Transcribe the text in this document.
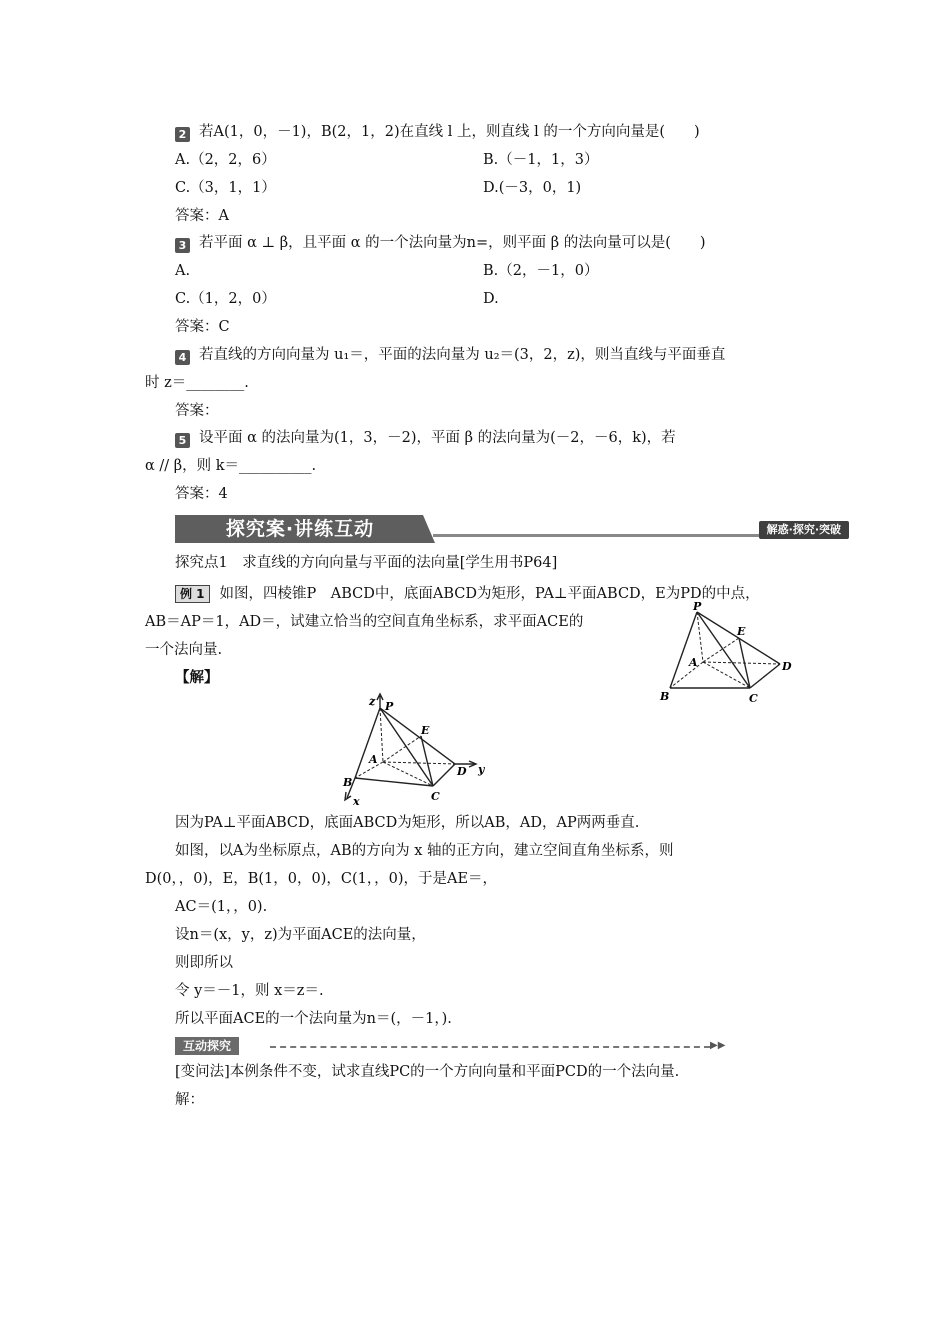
2 若A(1，0，－1)，B(2，1，2)在直线 l 上，则直线 l 的一个方向向量是(　　)
A.（2，2，6）	B.（－1，1，3）
C.（3，1，1）	D.(－3，0，1)
答案：A
3 若平面 α ⊥ β，且平面 α 的一个法向量为n=，则平面 β 的法向量可以是(　　)
A.	B.（2，－1，0）
C.（1，2，0）	D.
答案：C
4 若直线的方向向量为 u₁＝，平面的法向量为 u₂＝(3，2，z)，则当直线与平面垂直
时 z＝________.
答案：
5 设平面 α 的法向量为(1，3，－2)，平面 β 的法向量为(－2，－6，k)，若
α // β，则 k＝__________.
答案：4
探究案·讲练互动	解惑·探究·突破
探究点1　求直线的方向向量与平面的法向量[学生用书P64]
例 1 如图，四棱锥P　ABCD中，底面ABCD为矩形，PA⊥平面ABCD，E为PD的中点，
AB＝AP＝1，AD＝，试建立恰当的空间直角坐标系，求平面ACE的
一个法向量.
【解】
P
E
A	D
B	C
z P
E
A
D y
B
C
x
因为PA⊥平面ABCD，底面ABCD为矩形，所以AB，AD，AP两两垂直.
如图，以A为坐标原点，AB的方向为 x 轴的正方向，建立空间直角坐标系，则
D(0，，0)，E，B(1，0，0)，C(1，，0)，于是AE＝，
AC＝(1，，0).
设n＝(x，y，z)为平面ACE的法向量，
则即所以
令 y＝－1，则 x＝z＝.
所以平面ACE的一个法向量为n＝(，－1，).
互动探究	▶▶
[变问法]本例条件不变，试求直线PC的一个方向向量和平面PCD的一个法向量.
解：
